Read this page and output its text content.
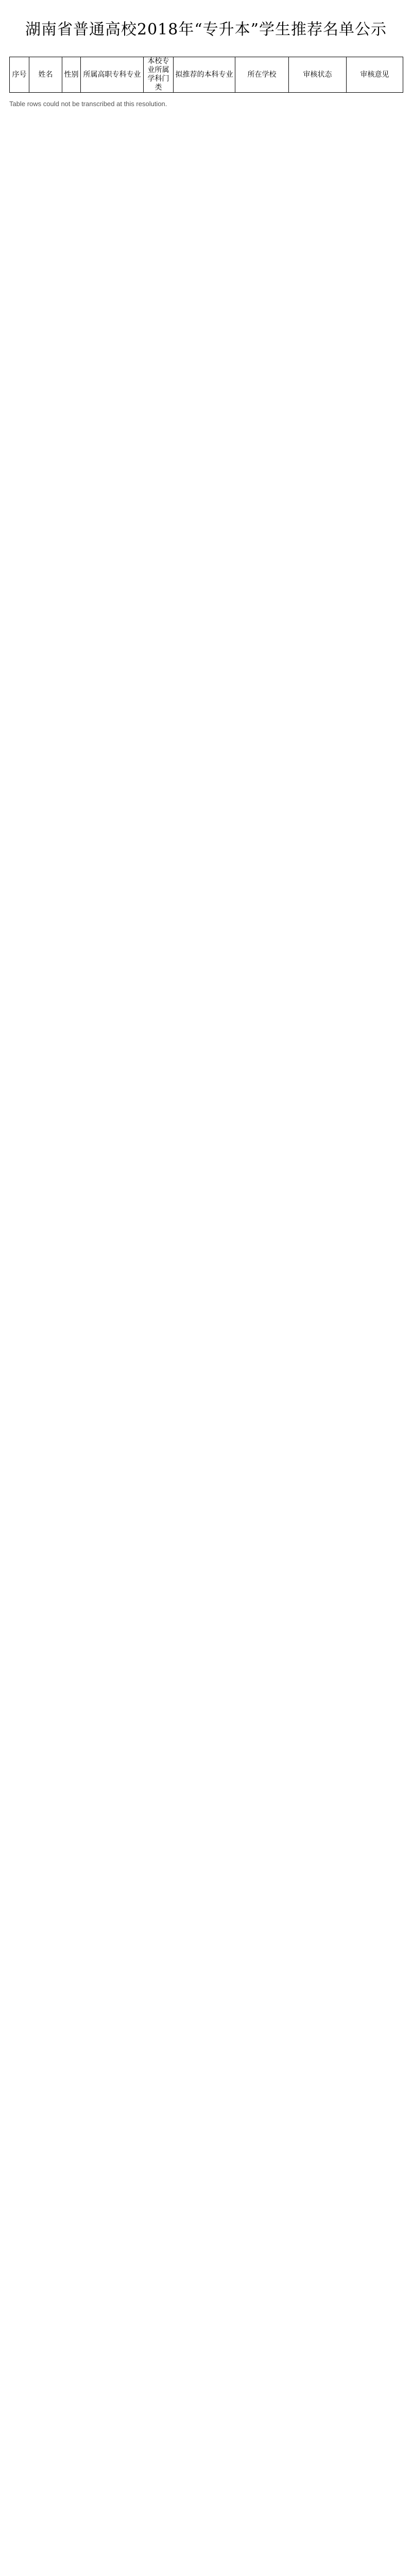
湖南省普通高校2018年“专升本”学生推荐名单公示
序号	姓名	性别	所属高职专科专业	本校专业所属学科门类	拟推荐的本科专业	所在学校	审核状态	审核意见

Table rows could not be transcribed at this resolution.
